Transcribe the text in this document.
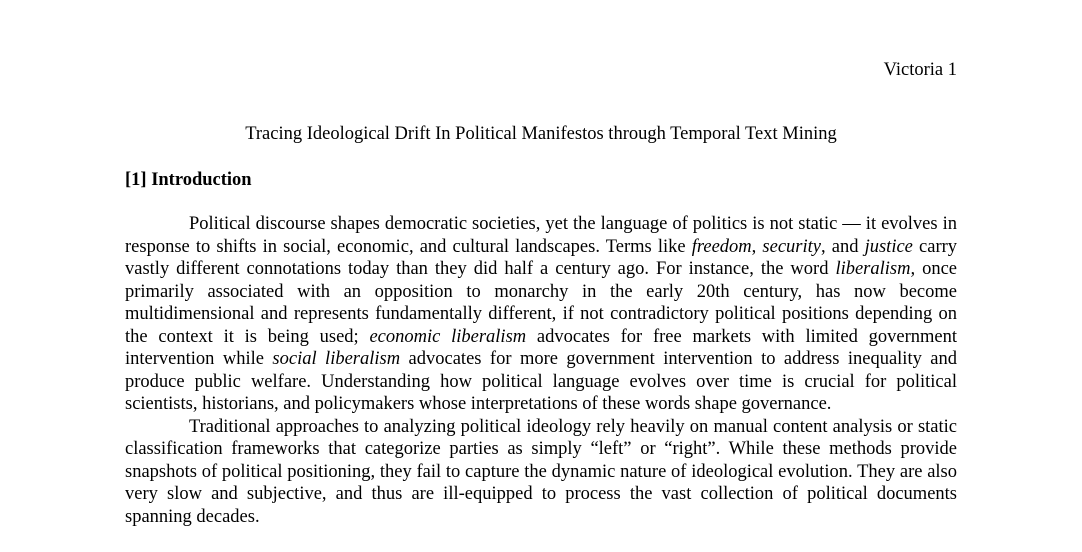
Victoria 1
Tracing Ideological Drift In Political Manifestos through Temporal Text Mining
[1] Introduction

Political discourse shapes democratic societies, yet the language of politics is not static — it evolves in response to shifts in social, economic, and cultural landscapes. Terms like freedom, security, and justice carry vastly different connotations today than they did half a century ago. For instance, the word liberalism, once primarily associated with an opposition to monarchy in the early 20th century, has now become multidimensional and represents fundamentally different, if not contradictory political positions depending on the context it is being used; economic liberalism advocates for free markets with limited government intervention while social liberalism advocates for more government intervention to address inequality and produce public welfare. Understanding how political language evolves over time is crucial for political scientists, historians, and policymakers whose interpretations of these words shape governance.

Traditional approaches to analyzing political ideology rely heavily on manual content analysis or static classification frameworks that categorize parties as simply “left” or “right”. While these methods provide snapshots of political positioning, they fail to capture the dynamic nature of ideological evolution. They are also very slow and subjective, and thus are ill-equipped to process the vast collection of political documents spanning decades.
